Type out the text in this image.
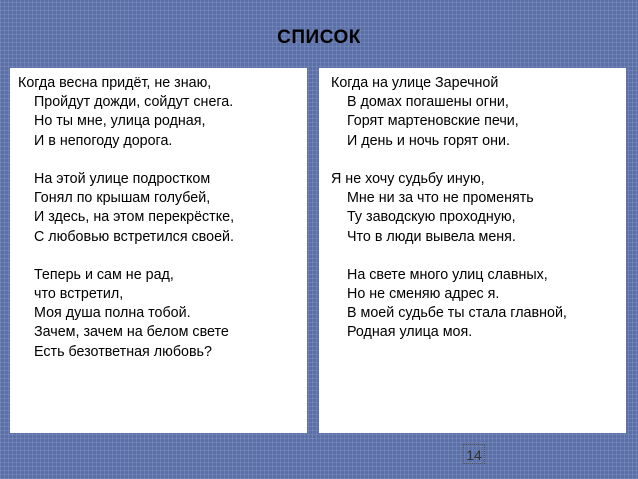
СПИСОК
Когда весна придёт, не знаю,
Пройдут дожди, сойдут снега.
Но ты мне, улица родная,
И в непогоду дорога.
На этой улице подростком
Гонял по крышам голубей,
И здесь, на этом перекрёстке,
С любовью встретился своей.
Теперь и сам не рад,
что встретил,
Моя душа полна тобой.
Зачем, зачем на белом свете
Есть безответная любовь?
Когда на улице Заречной
В домах погашены огни,
Горят мартеновские печи,
И день и ночь горят они.
Я не хочу судьбу иную,
Мне ни за что не променять
Ту заводскую проходную,
Что в люди вывела меня.
На свете много улиц славных,
Но не сменяю адрес я.
В моей судьбе ты стала главной,
Родная улица моя.
14
